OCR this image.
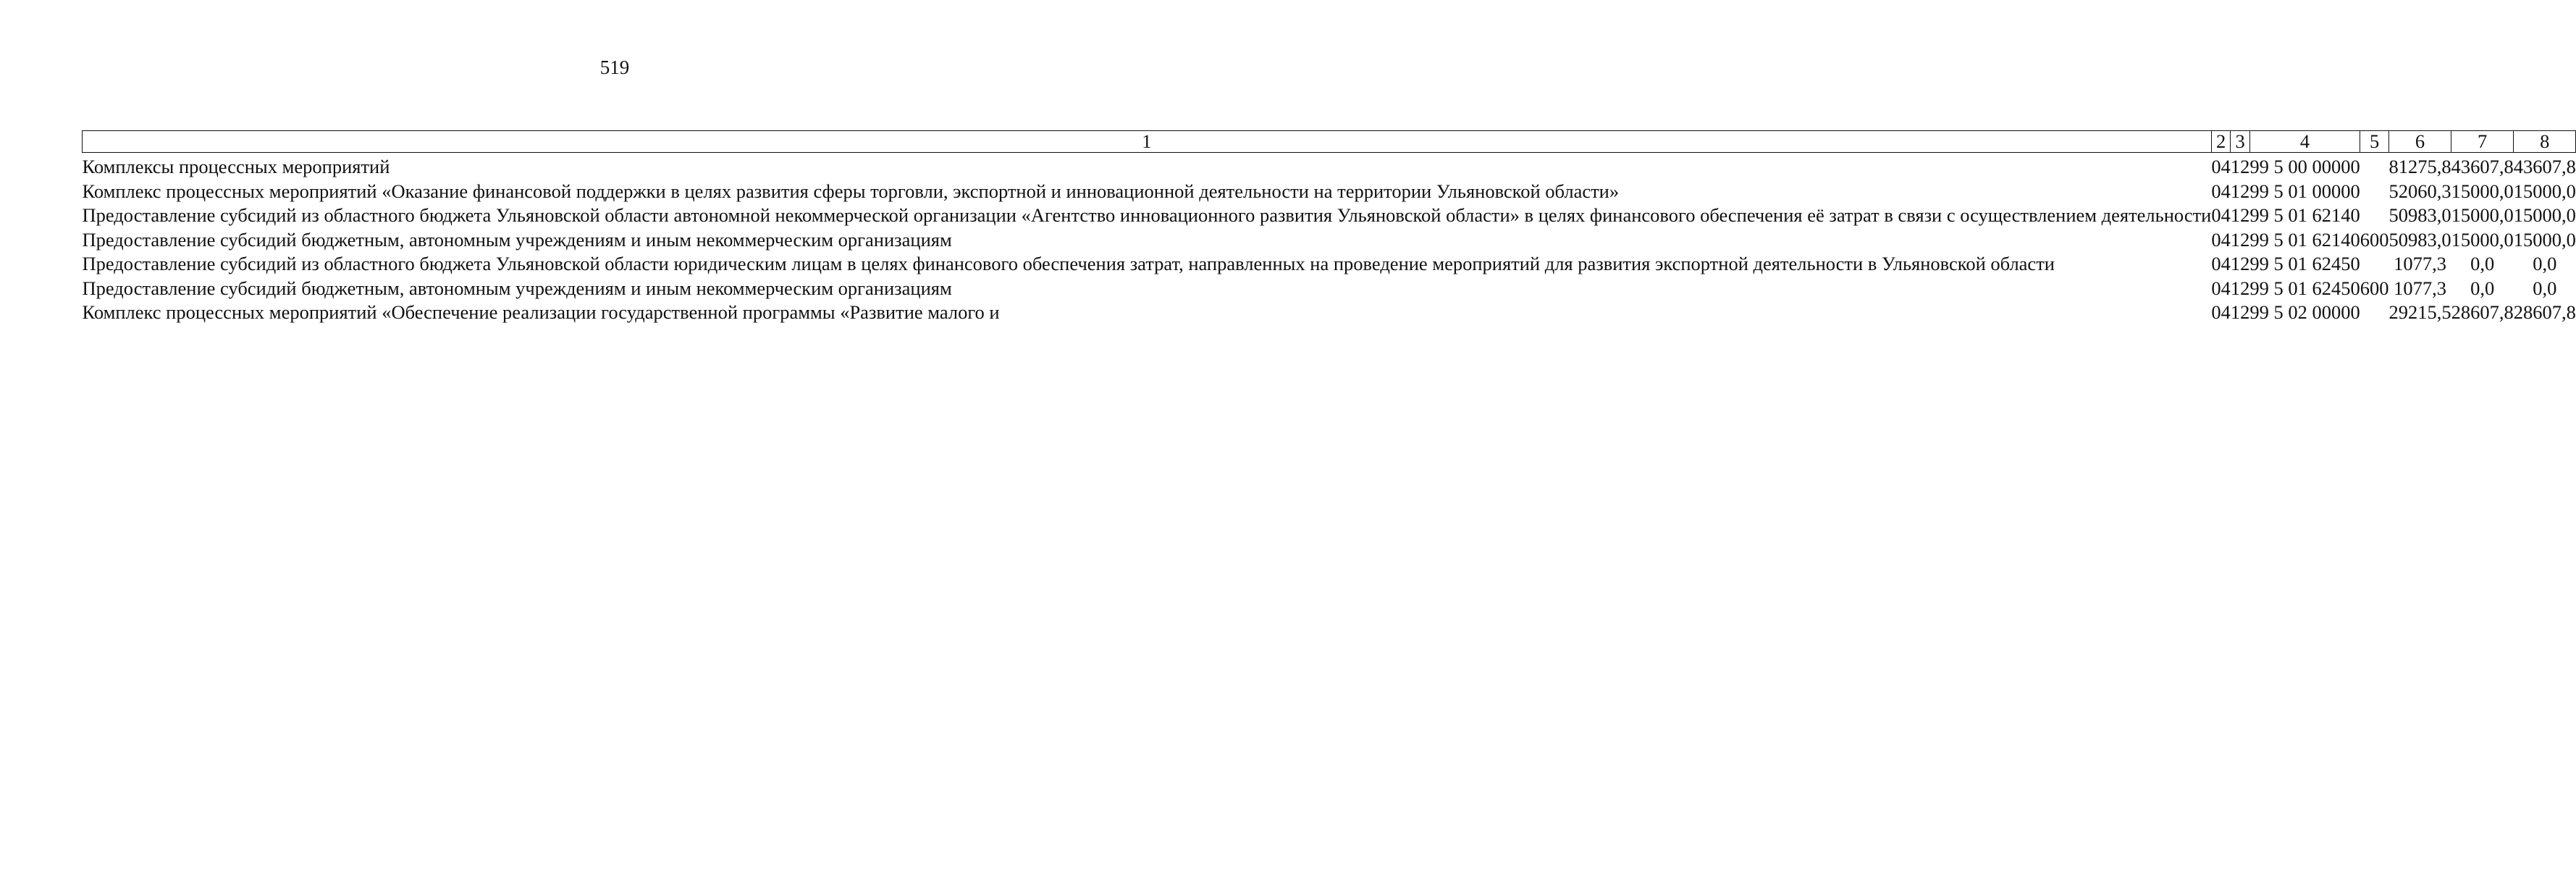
519
1	2	3	4	5	6	7	8
Комплексы процессных мероприятий	04	12	99 5 00 00000		81275,8	43607,8	43607,8
Комплекс процессных мероприятий «Оказание финансовой поддержки в целях развития сферы торговли, экспортной и инновационной деятельности на территории Ульяновской области»	04	12	99 5 01 00000		52060,3	15000,0	15000,0
Предоставление субсидий из областного бюджета Ульяновской области автономной некоммерческой организации «Агентство инновационного развития Ульяновской области» в целях финансового обеспечения её затрат в связи с осуществлением деятельности	04	12	99 5 01 62140		50983,0	15000,0	15000,0
Предоставление субсидий бюджетным, автономным учреждениям и иным некоммерческим организациям	04	12	99 5 01 62140	600	50983,0	15000,0	15000,0
Предоставление субсидий из областного бюджета Ульяновской области юридическим лицам в целях финансового обеспечения затрат, направленных на проведение мероприятий для развития экспортной деятельности в Ульяновской области	04	12	99 5 01 62450		1077,3	0,0	0,0
Предоставление субсидий бюджетным, автономным учреждениям и иным некоммерческим организациям	04	12	99 5 01 62450	600	1077,3	0,0	0,0
Комплекс процессных мероприятий «Обеспечение реализации государственной программы «Развитие малого и	04	12	99 5 02 00000		29215,5	28607,8	28607,8
